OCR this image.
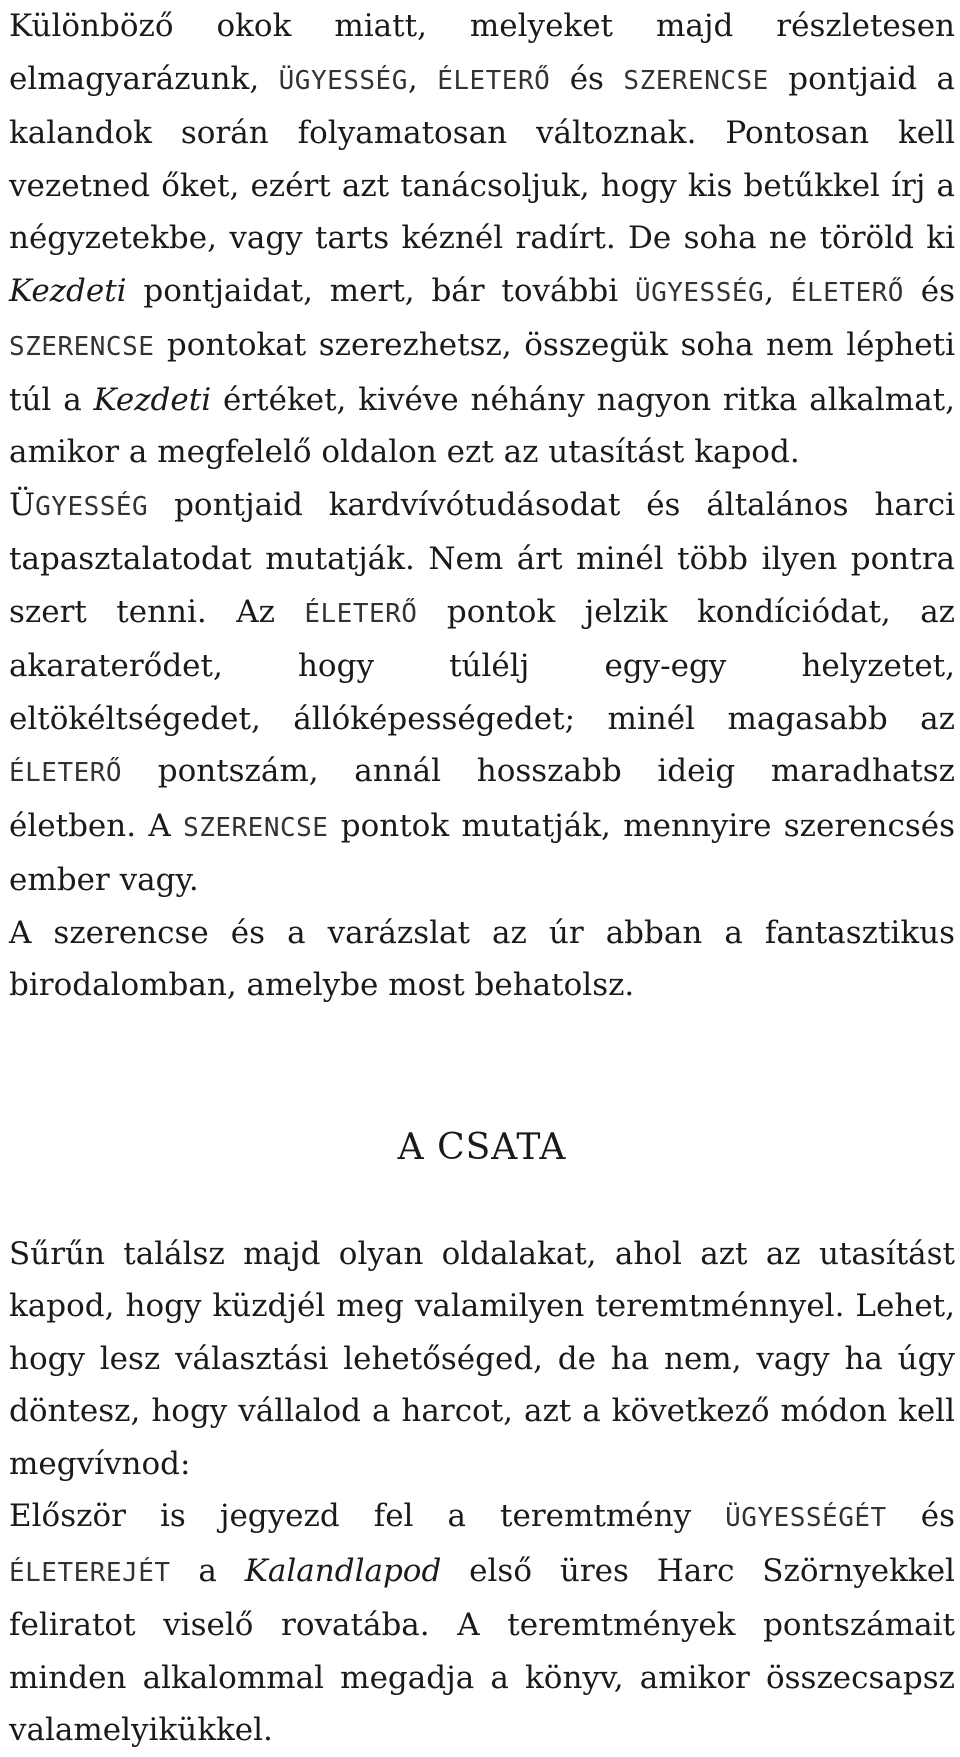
Különböző okok miatt, melyeket majd részletesen elmagyarázunk, ÜGYESSÉG, ÉLETERŐ és SZERENCSE pontjaid a kalandok során folyamatosan változnak. Pontosan kell vezetned őket, ezért azt tanácsoljuk, hogy kis betűkkel írj a négyzetekbe, vagy tarts kéznél radírt. De soha ne töröld ki Kezdeti pontjaidat, mert, bár további ÜGYESSÉG, ÉLETERŐ és SZERENCSE pontokat szerezhetsz, összegük soha nem lépheti túl a Kezdeti értéket, kivéve néhány nagyon ritka alkalmat, amikor a megfelelő oldalon ezt az utasítást kapod.

ÜGYESSÉG pontjaid kardvívótudásodat és általános harci tapasztalatodat mutatják. Nem árt minél több ilyen pontra szert tenni. Az ÉLETERŐ pontok jelzik kondíciódat, az akaraterődet, hogy túlélj egy-egy helyzetet, eltökéltségedet, állóképességedet; minél magasabb az ÉLETERŐ pontszám, annál hosszabb ideig maradhatsz életben. A SZERENCSE pontok mutatják, mennyire szerencsés ember vagy.

A szerencse és a varázslat az úr abban a fantasztikus birodalomban, amelybe most behatolsz.

A CSATA

Sűrűn találsz majd olyan oldalakat, ahol azt az utasítást kapod, hogy küzdjél meg valamilyen teremtménnyel. Lehet, hogy lesz választási lehetőséged, de ha nem, vagy ha úgy döntesz, hogy vállalod a harcot, azt a következő módon kell megvívnod:

Először is jegyezd fel a teremtmény ÜGYESSÉGÉT és ÉLETEREJÉT a Kalandlapod első üres Harc Szörnyekkel feliratot viselő rovatába. A teremtmények pontszámait minden alkalommal megadja a könyv, amikor összecsapsz valamelyikükkel.
